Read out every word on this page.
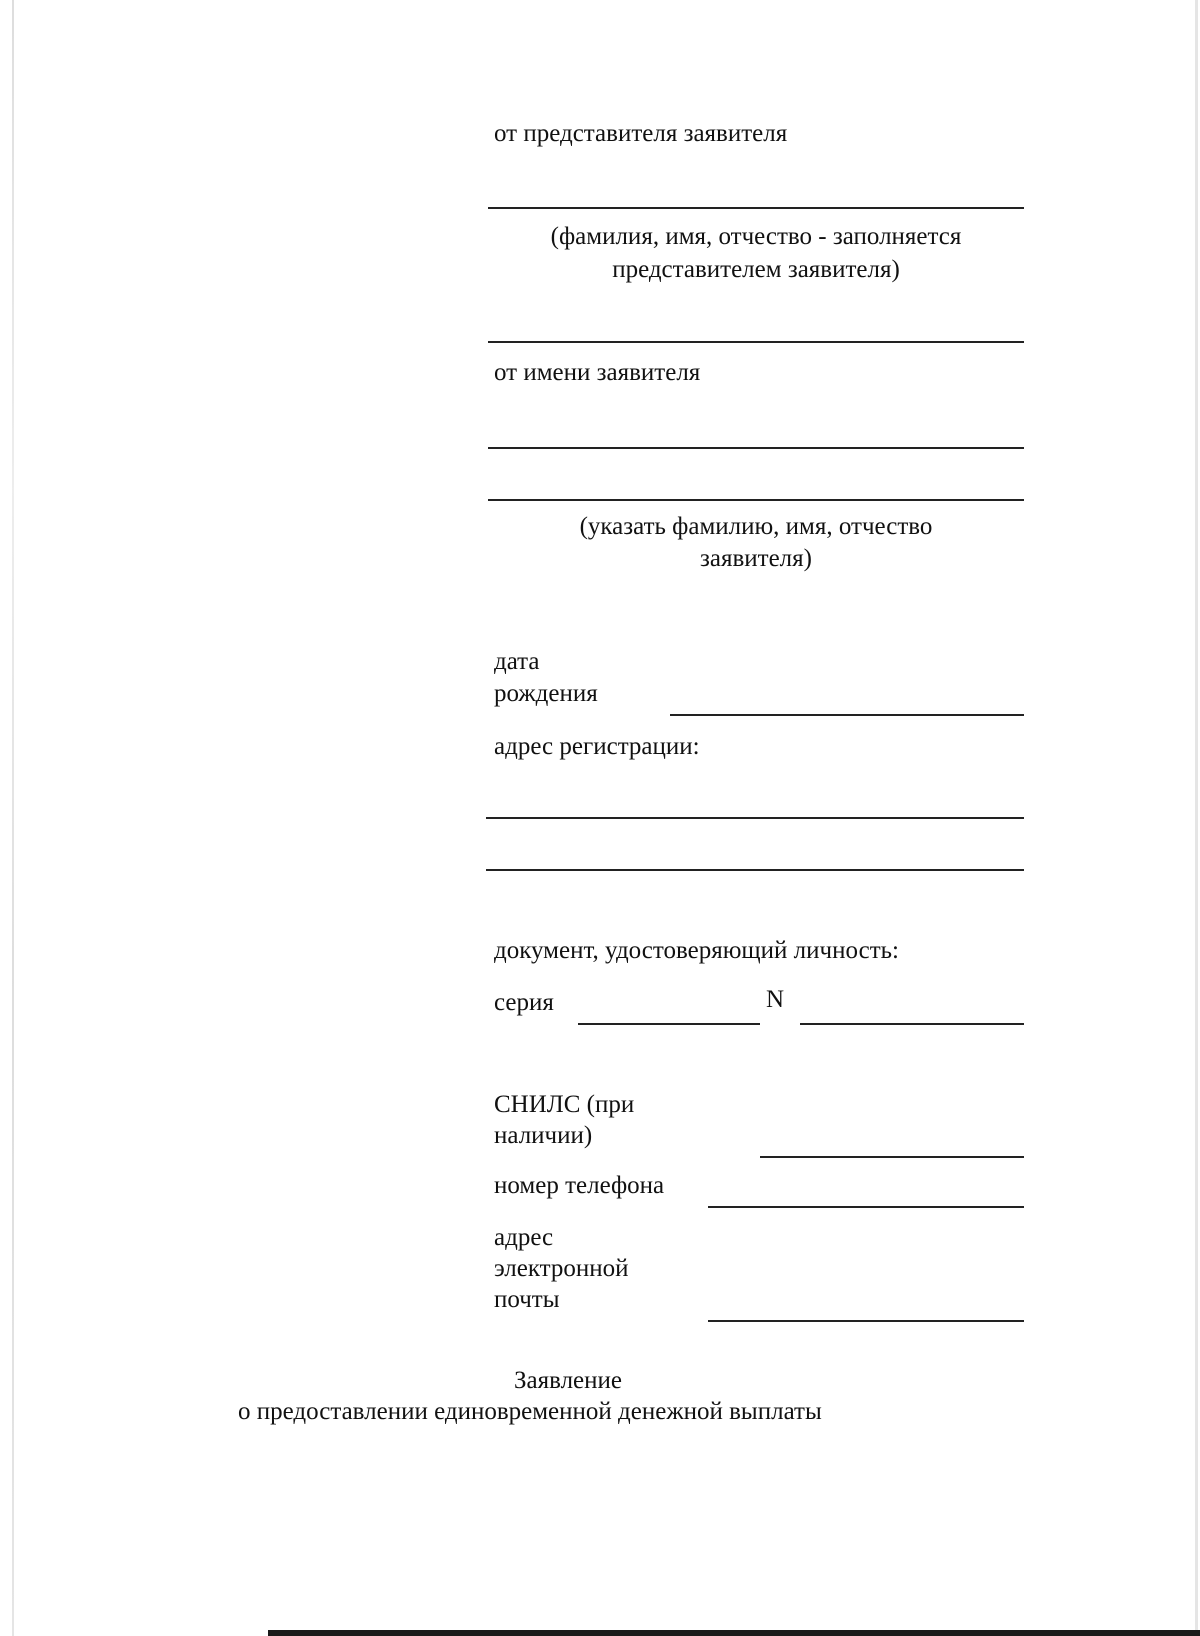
от представителя заявителя
(фамилия, имя, отчество - заполняется
представителем заявителя)
от имени заявителя
(указать фамилию, имя, отчество
заявителя)
дата
рождения
адрес регистрации:
документ, удостоверяющий личность:
серия	N
СНИЛС (при
наличии)
номер телефона
адрес
электронной
почты
Заявление
о предоставлении единовременной денежной выплаты
